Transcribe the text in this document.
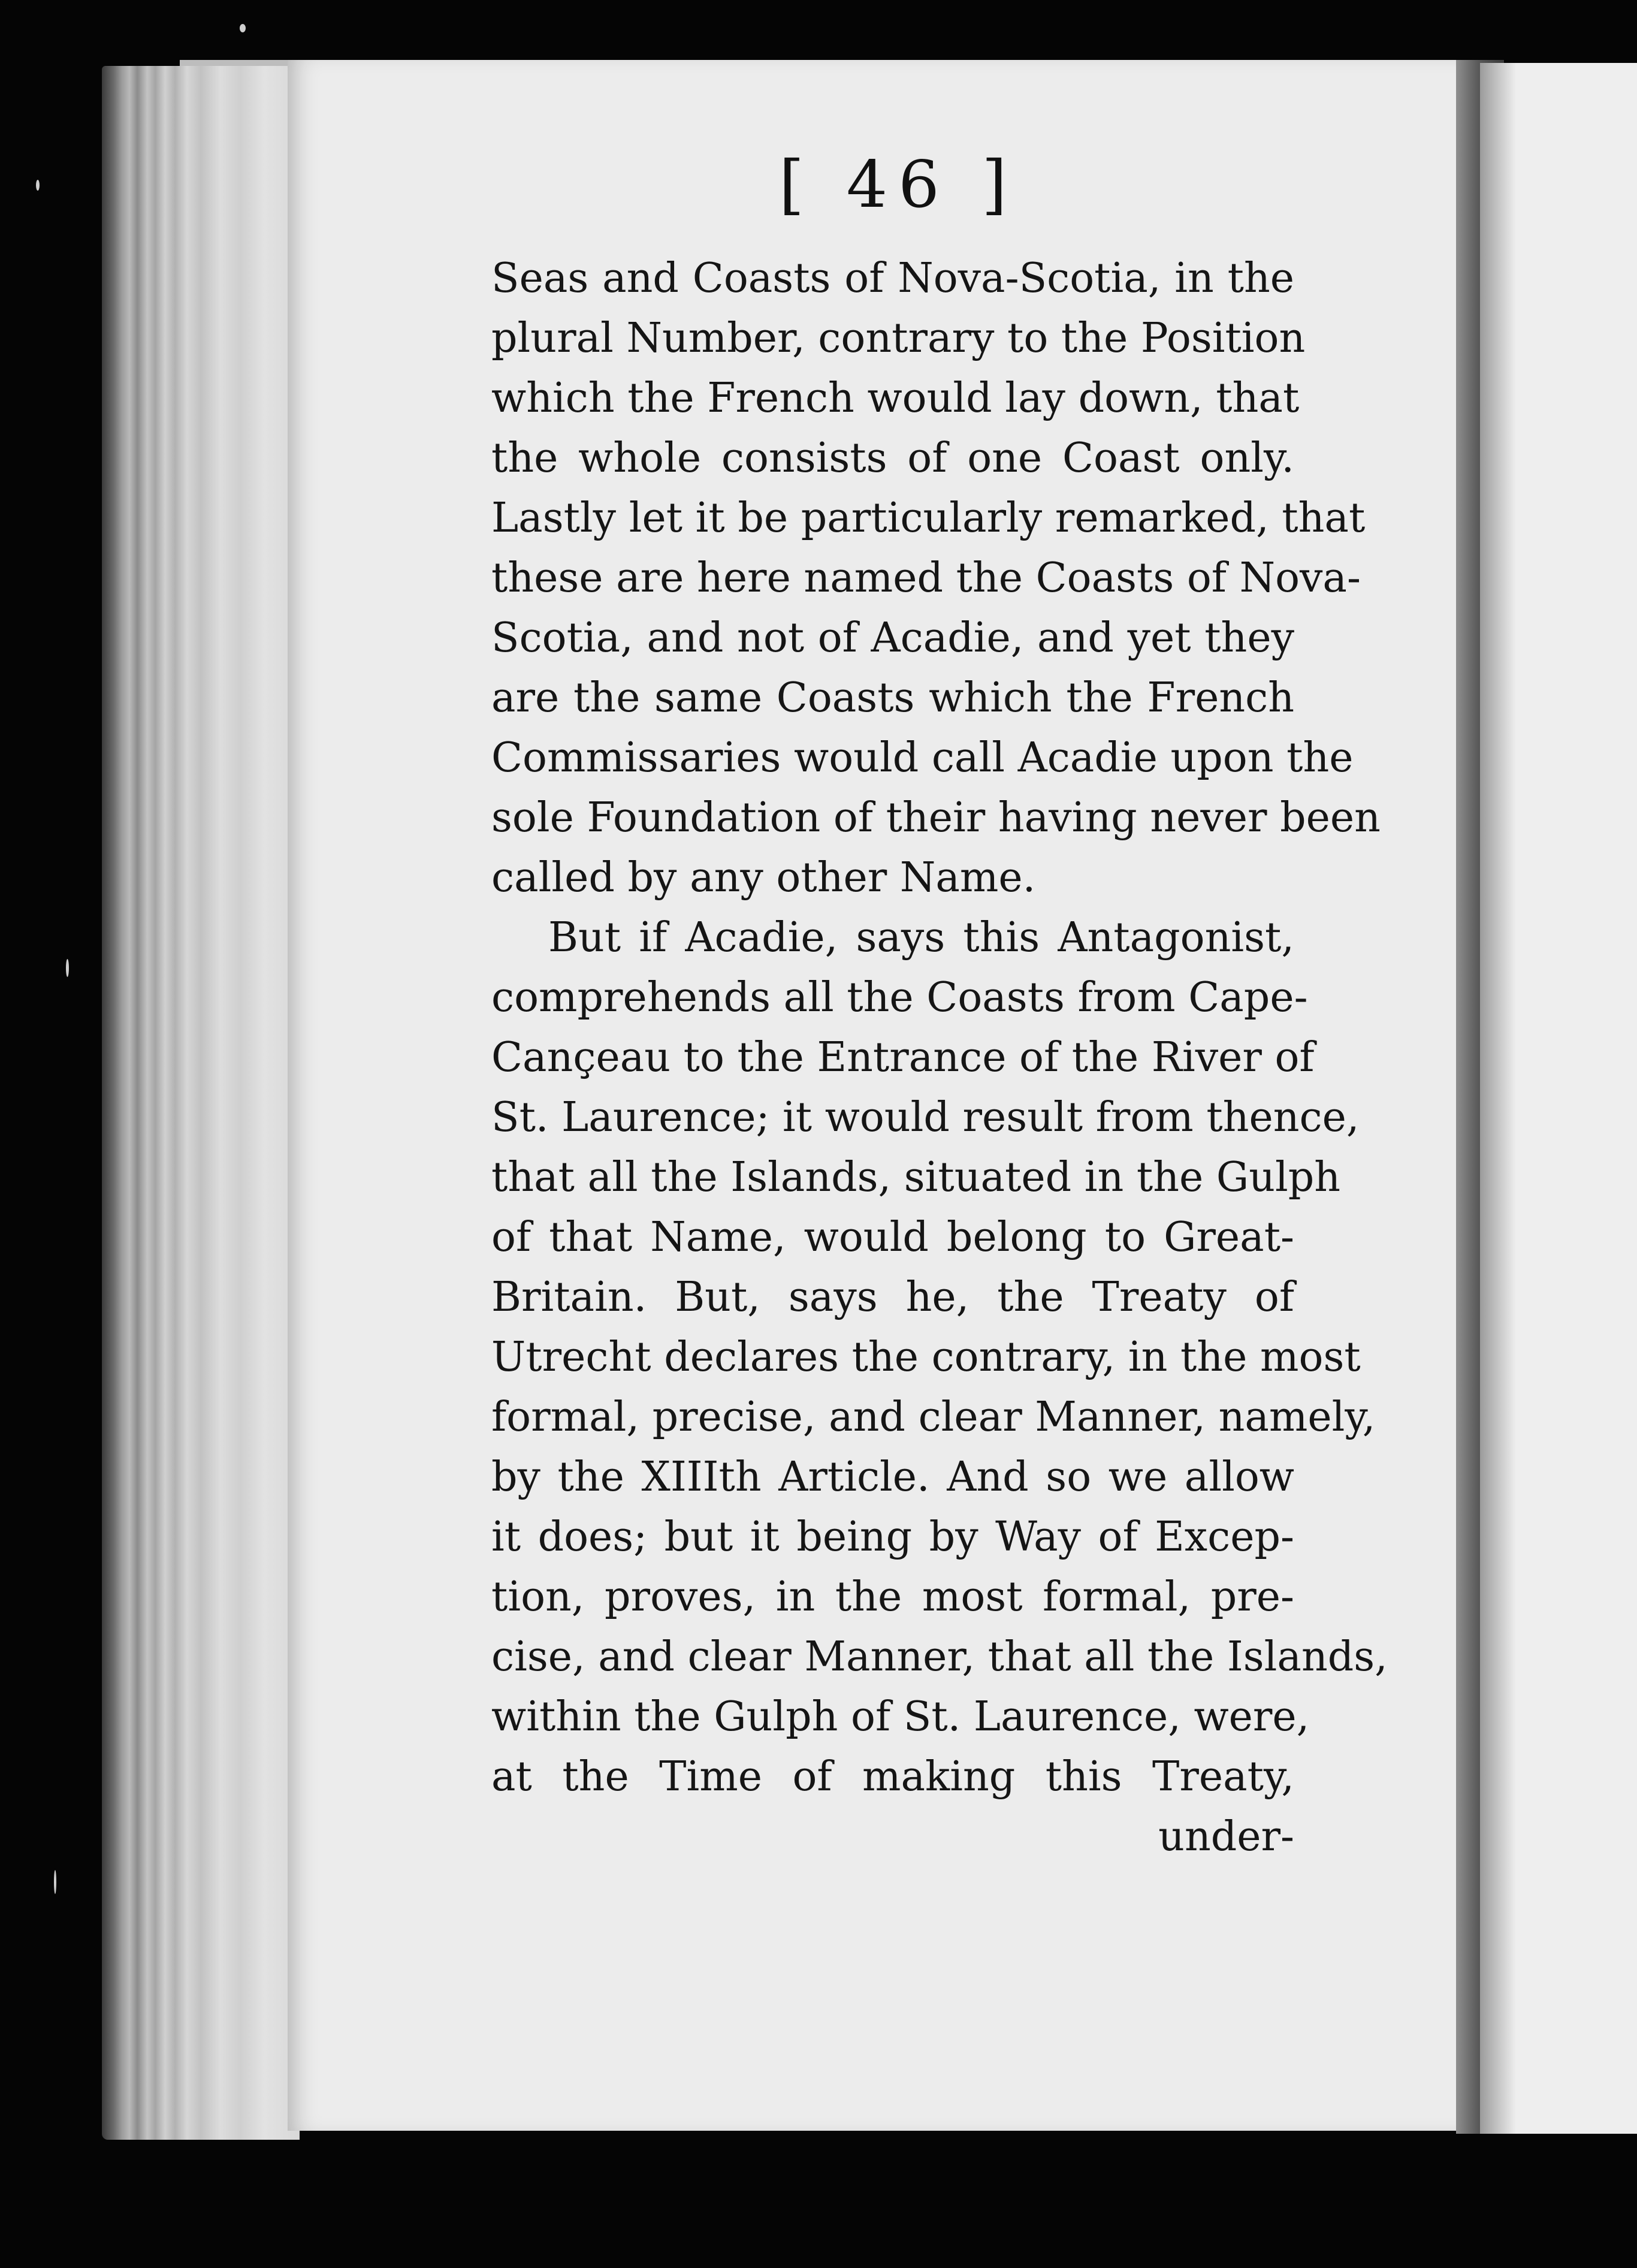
[ 46 ]
Seas and Coasts of Nova-Scotia, in the
plural Number, contrary to the Position
which the French would lay down, that
the whole consists of one Coast only.
Lastly let it be particularly remarked, that
these are here named the Coasts of Nova-
Scotia, and not of Acadie, and yet they
are the same Coasts which the French
Commissaries would call Acadie upon the
sole Foundation of their having never been
called by any other Name.
But if Acadie, says this Antagonist,
comprehends all the Coasts from Cape-
Cançeau to the Entrance of the River of
St. Laurence; it would result from thence,
that all the Islands, situated in the Gulph
of that Name, would belong to Great-
Britain. But, says he, the Treaty of
Utrecht declares the contrary, in the most
formal, precise, and clear Manner, namely,
by the XIIIth Article. And so we allow
it does; but it being by Way of Excep-
tion, proves, in the most formal, pre-
cise, and clear Manner, that all the Islands,
within the Gulph of St. Laurence, were,
at the Time of making this Treaty,
under-
